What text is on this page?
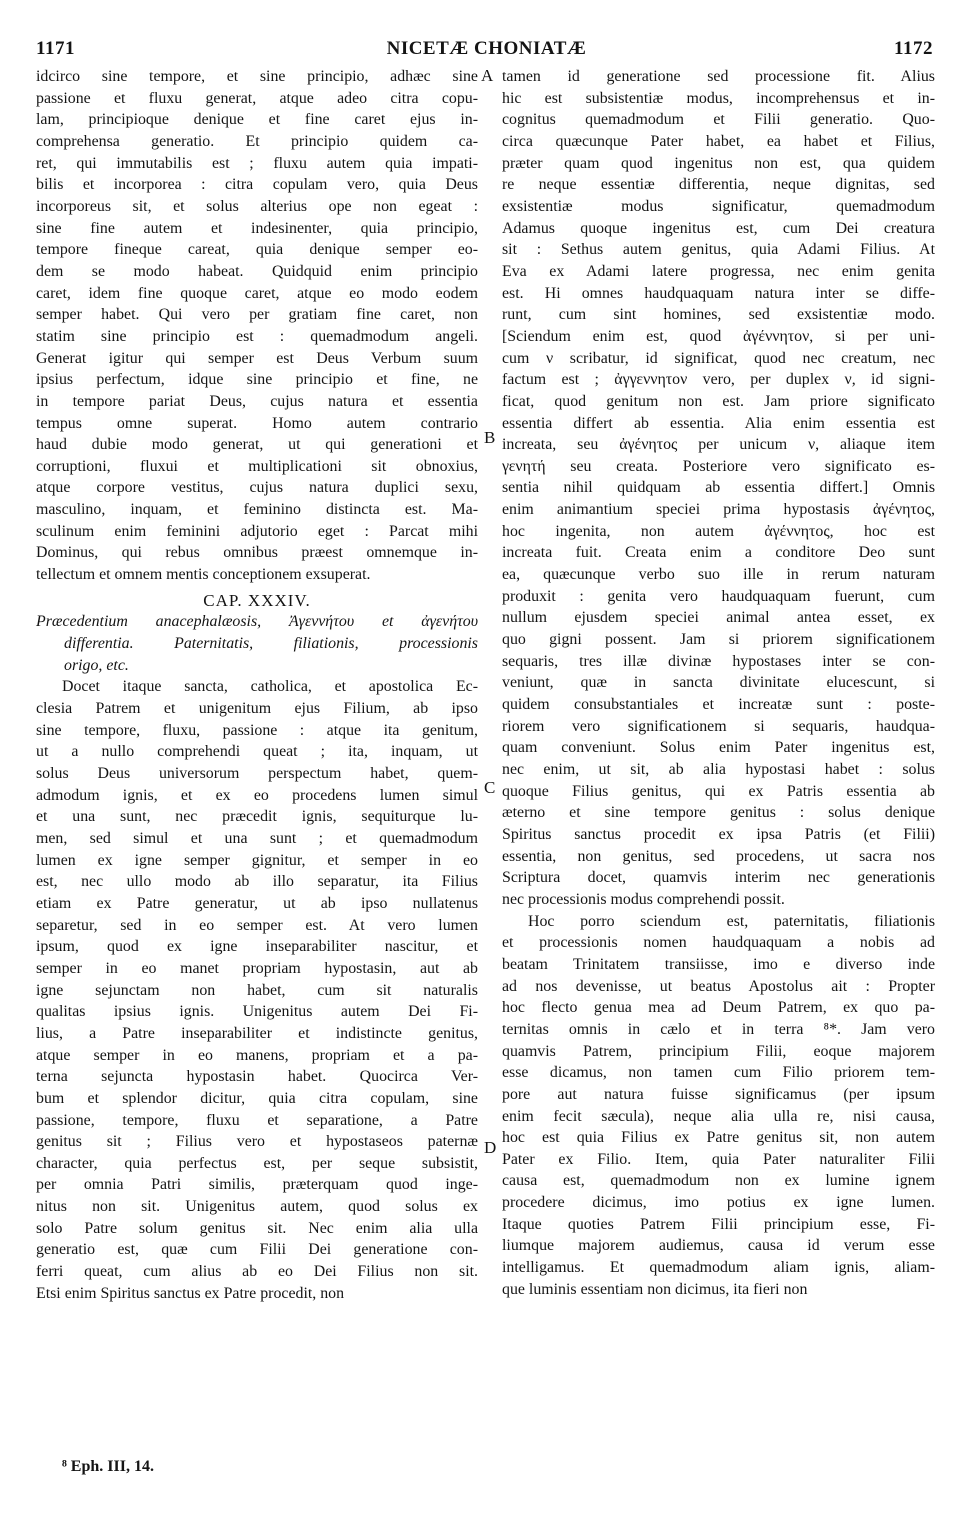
1171	NICETÆ CHONIATÆ	1172
idcirco sine tempore, et sine principio, adhæc sine
passione et fluxu generat, atque adeo citra copu-
lam, principioque denique et fine caret ejus in-
comprehensa generatio. Et principio quidem ca-
ret, qui immutabilis est ; fluxu autem quia impati-
bilis et incorporea : citra copulam vero, quia Deus
incorporeus sit, et solus alterius ope non egeat :
sine fine autem et indesinenter, quia principio,
tempore fineque careat, quia denique semper eo-
dem se modo habeat. Quidquid enim principio
caret, idem fine quoque caret, atque eo modo eodem
semper habet. Qui vero per gratiam fine caret, non
statim sine principio est : quemadmodum angeli.
Generat igitur qui semper est Deus Verbum suum
ipsius perfectum, idque sine principio et fine, ne
in tempore pariat Deus, cujus natura et essentia
tempus omne superat. Homo autem contrario
haud dubie modo generat, ut qui generationi et
corruptioni, fluxui et multiplicationi sit obnoxius,
atque corpore vestitus, cujus natura duplici sexu,
masculino, inquam, et feminino distincta est. Ma-
sculinum enim feminini adjutorio eget : Parcat mihi
Dominus, qui rebus omnibus præest omnemque in-
tellectum et omnem mentis conceptionem exsuperat.
CAP. XXXIV.
Præcedentium anacephalæosis, Ἀγεννήτου et ἀγενήτου
differentia. Paternitatis, filiationis, processionis
origo, etc.
Docet itaque sancta, catholica, et apostolica Ec-
clesia Patrem et unigenitum ejus Filium, ab ipso
sine tempore, fluxu, passione : atque ita genitum,
ut a nullo comprehendi queat ; ita, inquam, ut
solus Deus universorum perspectum habet, quem-
admodum ignis, et ex eo procedens lumen simul
et una sunt, nec præcedit ignis, sequiturque lu-
men, sed simul et una sunt ; et quemadmodum
lumen ex igne semper gignitur, et semper in eo
est, nec ullo modo ab illo separatur, ita Filius
etiam ex Patre generatur, ut ab ipso nullatenus
separetur, sed in eo semper est. At vero lumen
ipsum, quod ex igne inseparabiliter nascitur, et
semper in eo manet propriam hypostasin, aut ab
igne sejunctam non habet, cum sit naturalis
qualitas ipsius ignis. Unigenitus autem Dei Fi-
lius, a Patre inseparabiliter et indistincte genitus,
atque semper in eo manens, propriam et a pa-
terna sejuncta hypostasin habet. Quocirca Ver-
bum et splendor dicitur, quia citra copulam, sine
passione, tempore, fluxu et separatione, a Patre
genitus sit ; Filius vero et hypostaseos paternæ
character, quia perfectus est, per seque subsistit,
per omnia Patri similis, præterquam quod inge-
nitus non sit. Unigenitus autem, quod solus ex
solo Patre solum genitus sit. Nec enim alia ulla
generatio est, quæ cum Filii Dei generatione con-
ferri queat, cum alius ab eo Dei Filius non sit.
Etsi enim Spiritus sanctus ex Patre procedit, non
tamen id generatione sed processione fit. Alius
hic est subsistentiæ modus, incomprehensus et in-
cognitus quemadmodum et Filii generatio. Quo-
circa quæcunque Pater habet, ea habet et Filius,
præter quam quod ingenitus non est, qua quidem
re neque essentiæ differentia, neque dignitas, sed
exsistentiæ modus significatur, quemadmodum
Adamus quoque ingenitus est, cum Dei creatura
sit : Sethus autem genitus, quia Adami Filius. At
Eva ex Adami latere progressa, nec enim genita
est. Hi omnes haudquaquam natura inter se diffe-
runt, cum sint homines, sed exsistentiæ modo.
[Sciendum enim est, quod ἀγέννητον, si per uni-
cum ν scribatur, id significat, quod nec creatum, nec
factum est ; ἀγγεννητον vero, per duplex ν, id signi-
ficat, quod genitum non est. Jam priore significato
essentia differt ab essentia. Alia enim essentia est
increata, seu ἀγένητος per unicum ν, aliaque item
γενητή seu creata. Posteriore vero significato es-
sentia nihil quidquam ab essentia differt.] Omnis
enim animantium speciei prima hypostasis ἀγένητος,
hoc ingenita, non autem ἀγέννητος, hoc est
increata fuit. Creata enim a conditore Deo sunt
ea, quæcunque verbo suo ille in rerum naturam
produxit : genita vero haudquaquam fuerunt, cum
nullum ejusdem speciei animal antea esset, ex
quo gigni possent. Jam si priorem significationem
sequaris, tres illæ divinæ hypostases inter se con-
veniunt, quæ in sancta divinitate elucescunt, si
quidem consubstantiales et increatæ sunt : poste-
riorem vero significationem si sequaris, haudqua-
quam conveniunt. Solus enim Pater ingenitus est,
nec enim, ut sit, ab alia hypostasi habet : solus
quoque Filius genitus, qui ex Patris essentia ab
æterno et sine tempore genitus : solus denique
Spiritus sanctus procedit ex ipsa Patris (et Filii)
essentia, non genitus, sed procedens, ut sacra nos
Scriptura docet, quamvis interim nec generationis
nec processionis modus comprehendi possit.
Hoc porro sciendum est, paternitatis, filiationis
et processionis nomen haudquaquam a nobis ad
beatam Trinitatem transiisse, imo e diverso inde
ad nos devenisse, ut beatus Apostolus ait : Propter
hoc flecto genua mea ad Deum Patrem, ex quo pa-
ternitas omnis in cælo et in terra ⁸*. Jam vero
quamvis Patrem, principium Filii, eoque majorem
esse dicamus, non tamen cum Filio priorem tem-
pore aut natura fuisse significamus (per ipsum
enim fecit sæcula), neque alia ulla re, nisi causa,
hoc est quia Filius ex Patre genitus sit, non autem
Pater ex Filio. Item, quia Pater naturaliter Filii
causa est, quemadmodum non ex lumine ignem
procedere dicimus, imo potius ex igne lumen.
Itaque quoties Patrem Filii principium esse, Fi-
liumque majorem audiemus, causa id verum esse
intelligamus. Et quemadmodum aliam ignis, aliam-
que luminis essentiam non dicimus, ita fieri non
A
B
C
D
⁸ Eph. III, 14.
